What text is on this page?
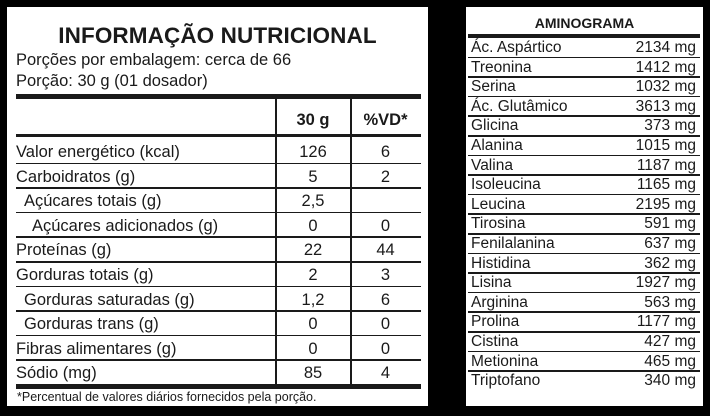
INFORMAÇÃO NUTRICIONAL
Porções por embalagem: cerca de 66
Porção: 30 g (01 dosador)
30 g	%VD*
Valor energético (kcal)	126	6
Carboidratos (g)	5	2
Açúcares totais (g)	2,5
Açúcares adicionados (g)	0	0
Proteínas (g)	22	44
Gorduras totais (g)	2	3
Gorduras saturadas (g)	1,2	6
Gorduras trans (g)	0	0
Fibras alimentares (g)	0	0
Sódio (mg)	85	4
*Percentual de valores diários fornecidos pela porção.
AMINOGRAMA
Ác. Aspártico	2134 mg
Treonina	1412 mg
Serina	1032 mg
Ác. Glutâmico	3613 mg
Glicina	373 mg
Alanina	1015 mg
Valina	1187 mg
Isoleucina	1165 mg
Leucina	2195 mg
Tirosina	591 mg
Fenilalanina	637 mg
Histidina	362 mg
Lisina	1927 mg
Arginina	563 mg
Prolina	1177 mg
Cistina	427 mg
Metionina	465 mg
Triptofano	340 mg
